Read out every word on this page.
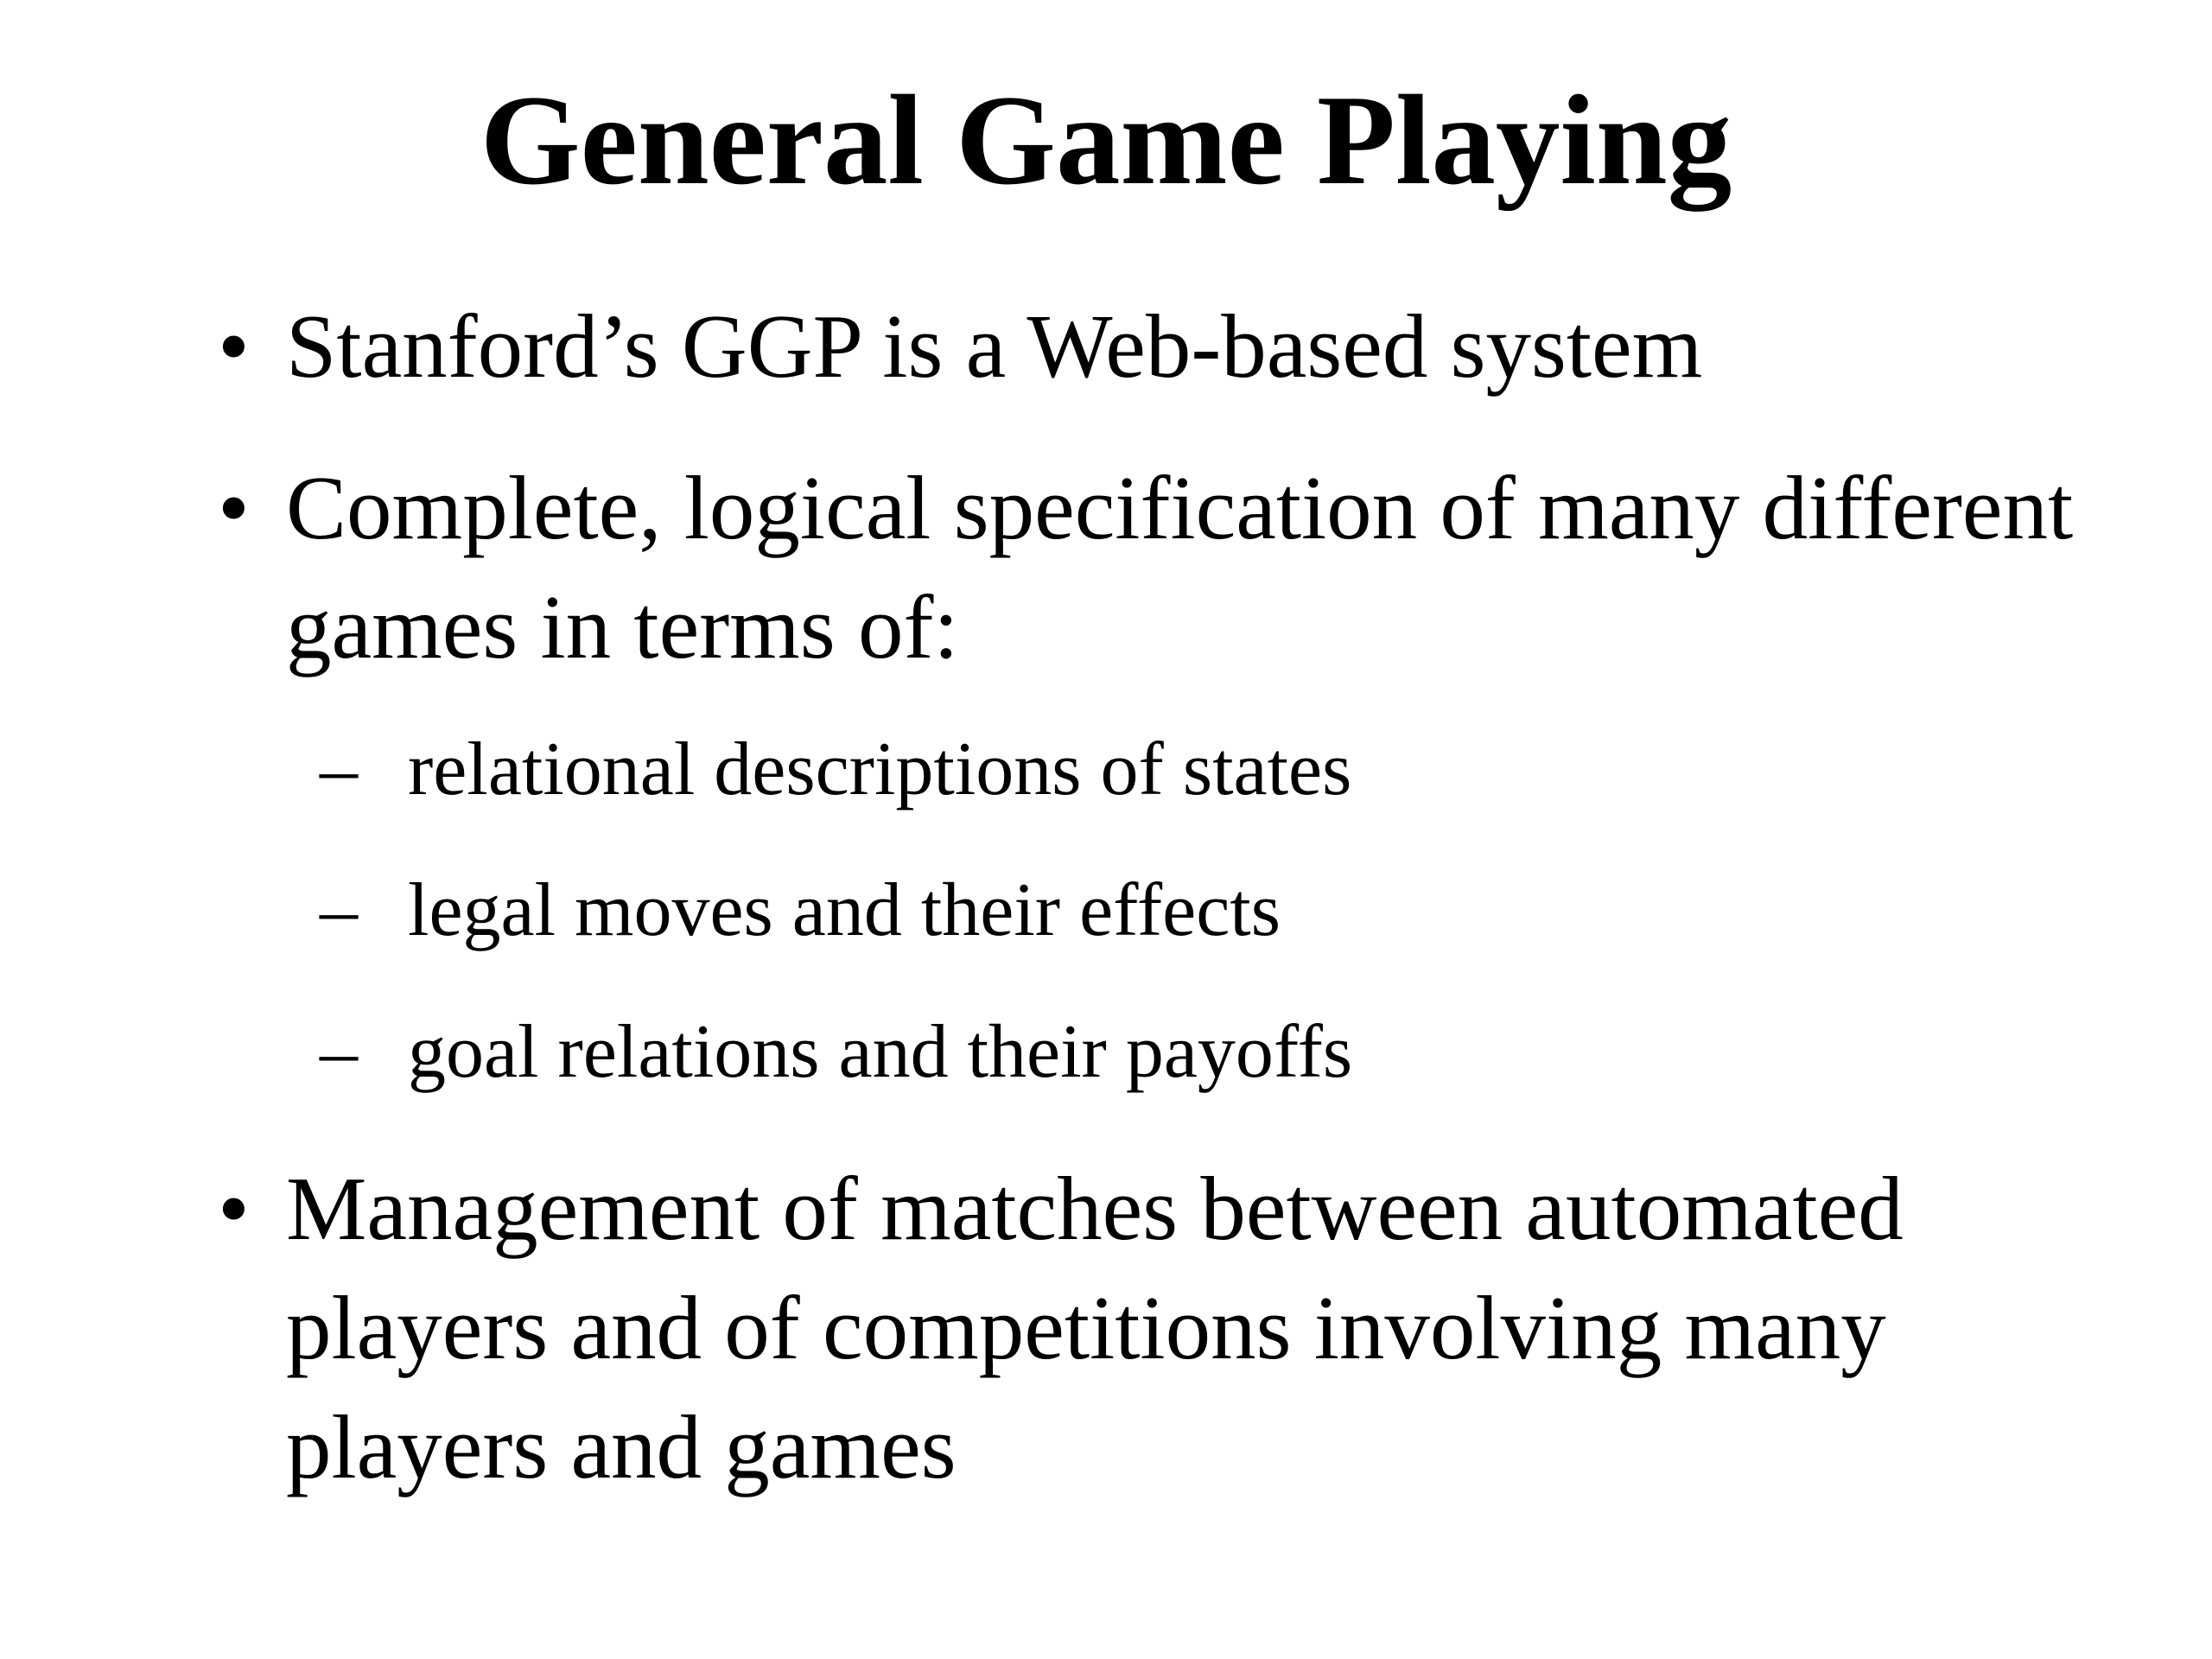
General Game Playing
• Stanford’s GGP is a Web-based system
• Complete, logical specification of many different games in terms of:
– relational descriptions of states
– legal moves and their effects
– goal relations and their payoffs
• Management of matches between automated players and of competitions involving many players and games
